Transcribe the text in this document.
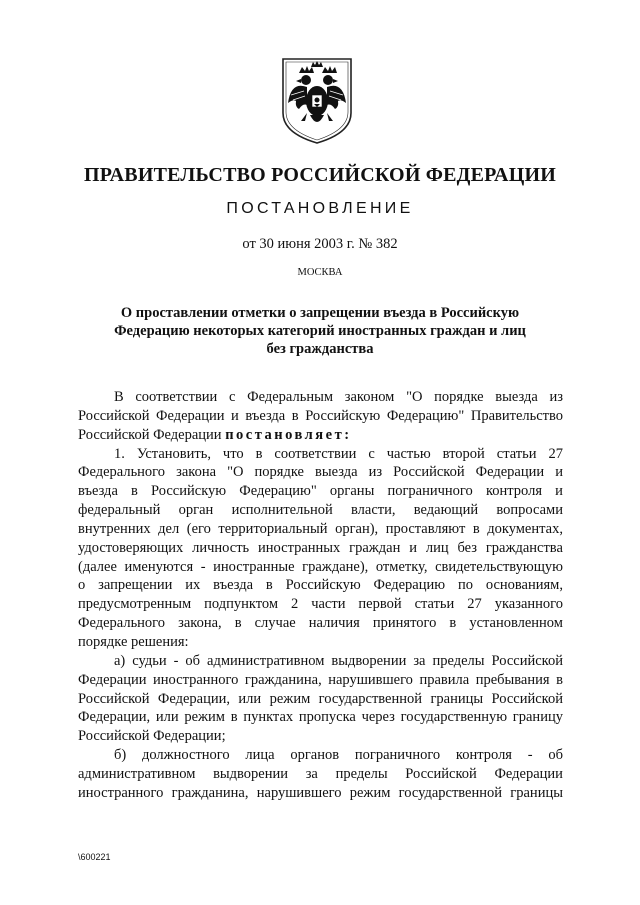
ПРАВИТЕЛЬСТВО РОССИЙСКОЙ ФЕДЕРАЦИИ
ПОСТАНОВЛЕНИЕ
от 30 июня 2003 г. № 382
МОСКВА
О проставлении отметки о запрещении въезда в Российскую
Федерацию некоторых категорий иностранных граждан и лиц
без гражданства
В соответствии с Федеральным законом "О порядке выезда из
Российской Федерации и въезда в Российскую Федерацию" Правительство
Российской Федерации
постановляет:
1. Установить, что в соответствии с частью второй статьи 27
Федерального закона "О порядке выезда из Российской Федерации и
въезда в Российскую Федерацию" органы пограничного контроля и
федеральный орган исполнительной власти, ведающий вопросами
внутренних дел (его территориальный орган), проставляют в документах,
удостоверяющих личность иностранных граждан и лиц без гражданства
(далее именуются - иностранные граждане), отметку, свидетельствующую
о запрещении их въезда в Российскую Федерацию по основаниям,
предусмотренным подпунктом 2 части первой статьи 27 указанного
Федерального закона, в случае наличия принятого в установленном
порядке решения:
а) судьи - об административном выдворении за пределы Российской
Федерации иностранного гражданина, нарушившего правила пребывания в
Российской Федерации, или режим государственной границы Российской
Федерации, или режим в пунктах пропуска через государственную границу
Российской Федерации;
б) должностного лица органов пограничного контроля - об
административном выдворении за пределы Российской Федерации
иностранного гражданина, нарушившего режим государственной границы
\600221
